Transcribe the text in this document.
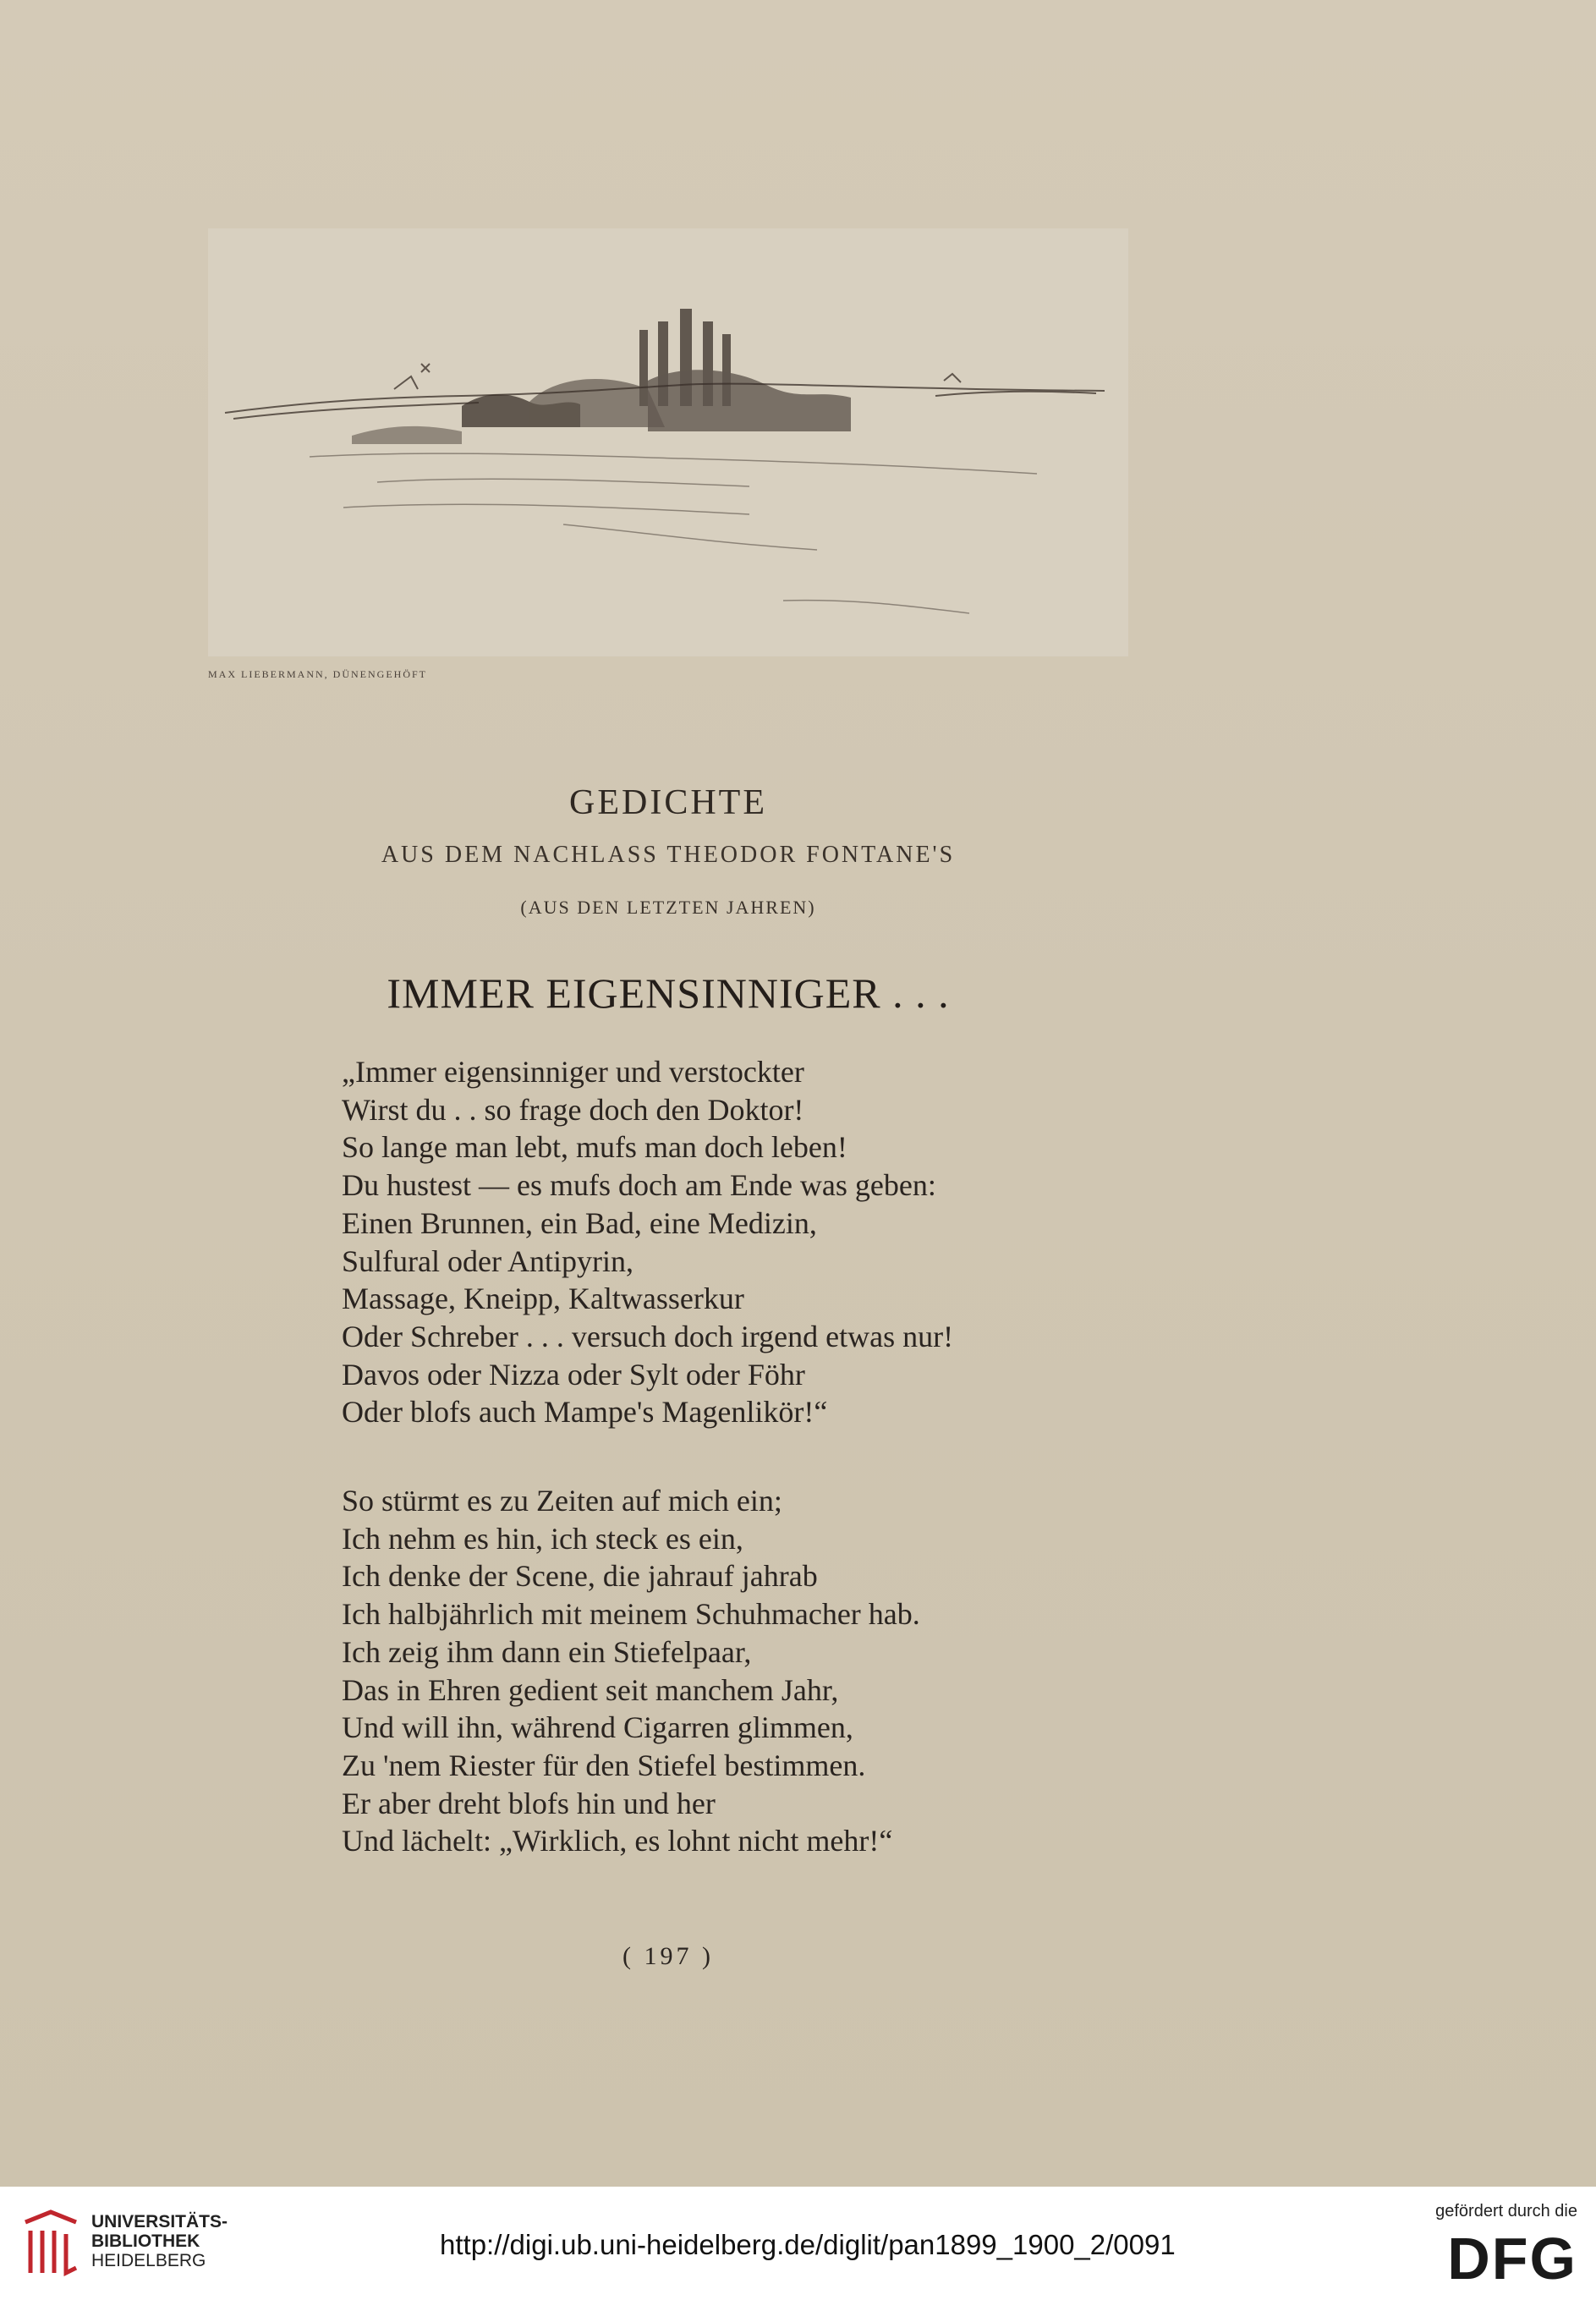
MAX LIEBERMANN, DÜNENGEHÖFT
GEDICHTE
AUS DEM NACHLASS THEODOR FONTANE'S
(AUS DEN LETZTEN JAHREN)
IMMER EIGENSINNIGER . . .
„Immer eigensinniger und verstockter
Wirst du . . so frage doch den Doktor!
So lange man lebt, mufs man doch leben!
Du hustest — es mufs doch am Ende was geben:
Einen Brunnen, ein Bad, eine Medizin,
Sulfural oder Antipyrin,
Massage, Kneipp, Kaltwasserkur
Oder Schreber . . . versuch doch irgend etwas nur!
Davos oder Nizza oder Sylt oder Föhr
Oder blofs auch Mampe's Magenlikör!“
So stürmt es zu Zeiten auf mich ein;
Ich nehm es hin, ich steck es ein,
Ich denke der Scene, die jahrauf jahrab
Ich halbjährlich mit meinem Schuhmacher hab.
Ich zeig ihm dann ein Stiefelpaar,
Das in Ehren gedient seit manchem Jahr,
Und will ihn, während Cigarren glimmen,
Zu 'nem Riester für den Stiefel bestimmen.
Er aber dreht blofs hin und her
Und lächelt: „Wirklich, es lohnt nicht mehr!“
( 197 )
UNIVERSITÄTS-
BIBLIOTHEK
HEIDELBERG
http://digi.ub.uni-heidelberg.de/diglit/pan1899_1900_2/0091
gefördert durch die
DFG
